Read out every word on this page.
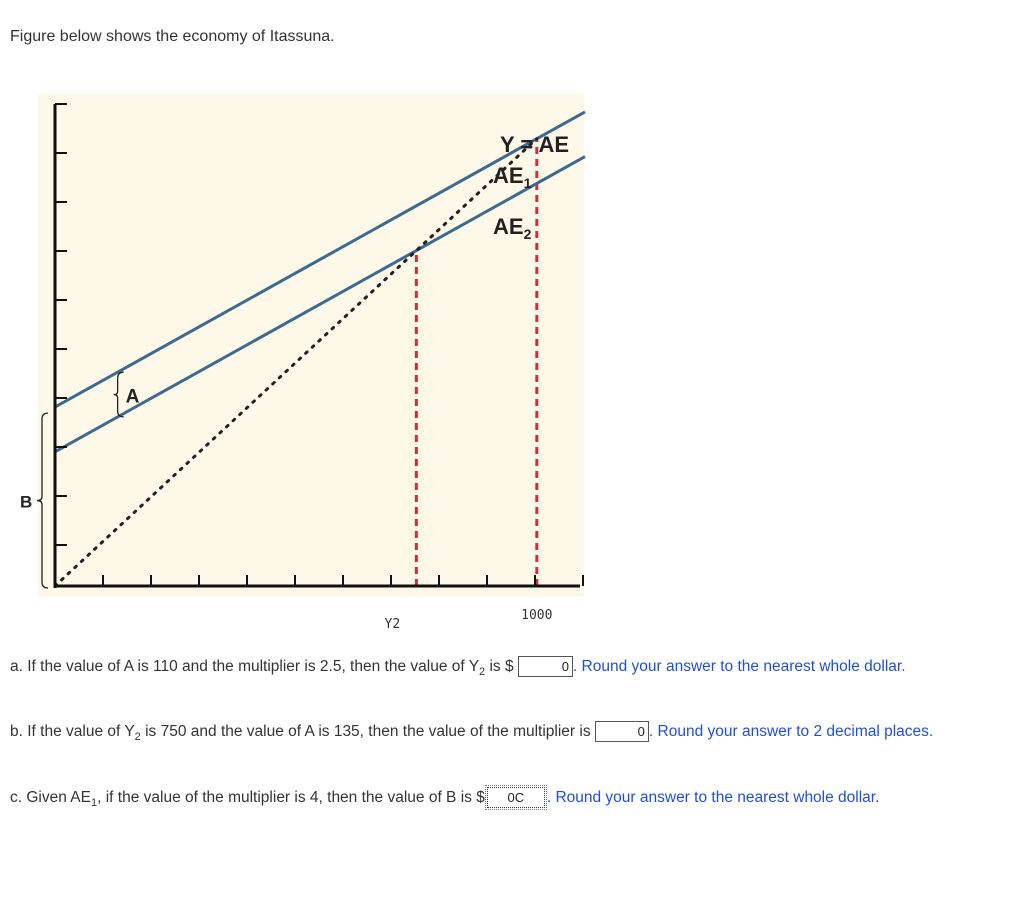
Figure below shows the economy of Itassuna.
Y2
1000
A
B
Y = AE
$AE_1$
$AE_2$
a. If the value of A is 110 and the multiplier is 2.5, then the value of $Y_2$ is $	0 . Round your answer to the nearest whole dollar.
b. If the value of $Y_2$ is 750 and the value of A is 135, then the value of the multiplier is	0 . Round your answer to 2 decimal places.
c. Given $AE_1$, if the value of the multiplier is 4, then the value of B is $ 0C . Round your answer to the nearest whole dollar.
